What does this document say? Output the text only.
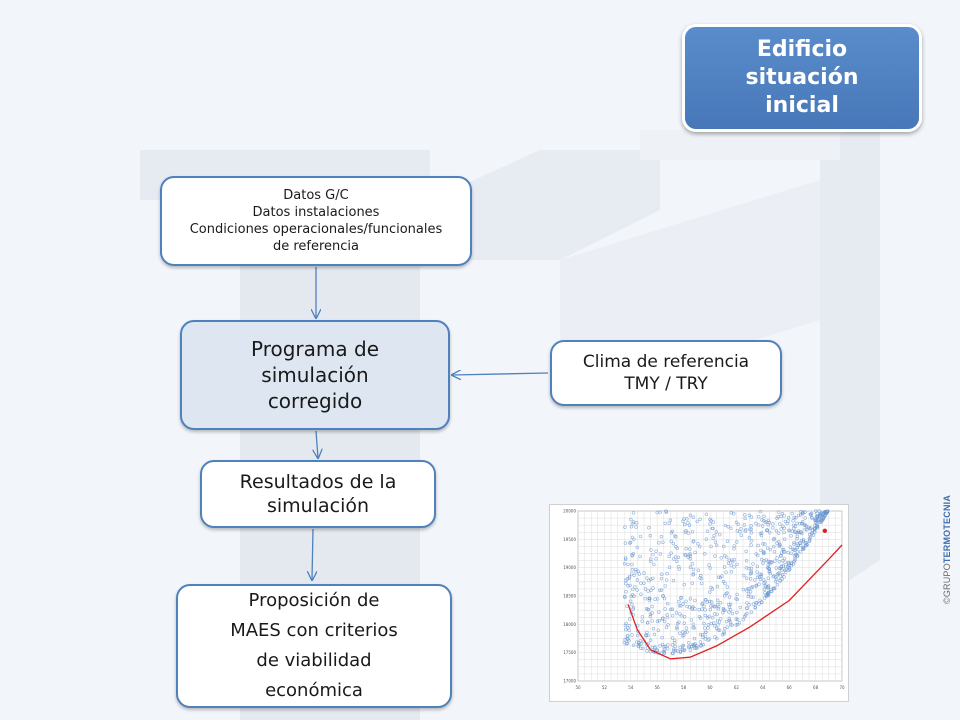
Edificio
situación
inicial
Datos G/C
Datos instalaciones
Condiciones operacionales/funcionales
de referencia
Programa de
simulación
corregido
Clima de referencia
TMY / TRY
Resultados de la
simulación
Proposición de
MAES con criterios
de viabilidad
económica	50	52	54	56	58	60	62	64	66	68	70
20000
19500
19000
18500
18000
17500
17000
©GRUPOTERMOTECNIA
